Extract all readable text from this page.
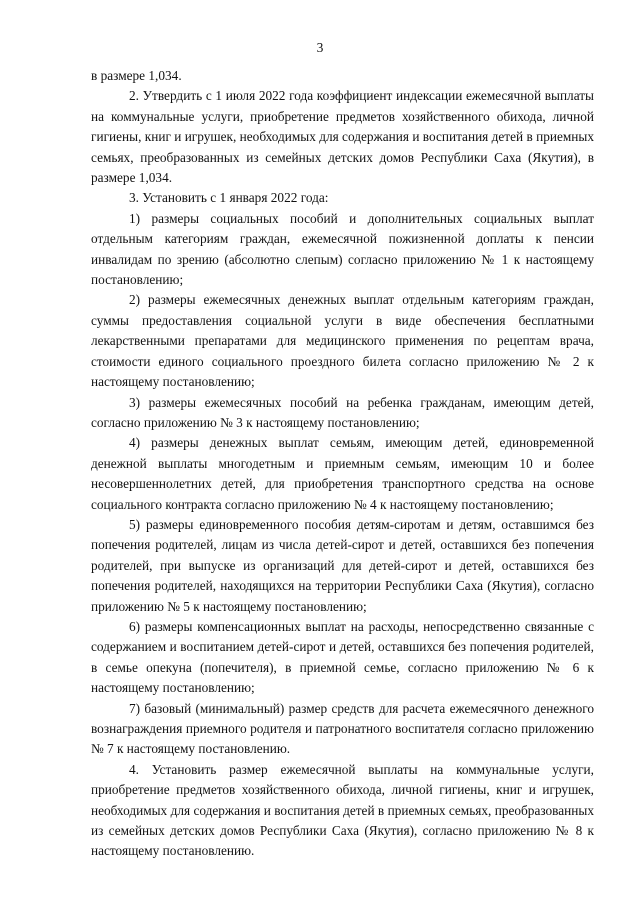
3

в размере 1,034.

2. Утвердить с 1 июля 2022 года коэффициент индексации ежемесячной выплаты на коммунальные услуги, приобретение предметов хозяйственного обихода, личной гигиены, книг и игрушек, необходимых для содержания и воспитания детей в приемных семьях, преобразованных из семейных детских домов Республики Саха (Якутия), в размере 1,034.

3. Установить с 1 января 2022 года:

1) размеры социальных пособий и дополнительных социальных выплат отдельным категориям граждан, ежемесячной пожизненной доплаты к пенсии инвалидам по зрению (абсолютно слепым) согласно приложению № 1 к настоящему постановлению;

2) размеры ежемесячных денежных выплат отдельным категориям граждан, суммы предоставления социальной услуги в виде обеспечения бесплатными лекарственными препаратами для медицинского применения по рецептам врача, стоимости единого социального проездного билета согласно приложению № 2 к настоящему постановлению;

3) размеры ежемесячных пособий на ребенка гражданам, имеющим детей, согласно приложению № 3 к настоящему постановлению;

4) размеры денежных выплат семьям, имеющим детей, единовременной денежной выплаты многодетным и приемным семьям, имеющим 10 и более несовершеннолетних детей, для приобретения транспортного средства на основе социального контракта согласно приложению № 4 к настоящему постановлению;

5) размеры единовременного пособия детям-сиротам и детям, оставшимся без попечения родителей, лицам из числа детей-сирот и детей, оставшихся без попечения родителей, при выпуске из организаций для детей-сирот и детей, оставшихся без попечения родителей, находящихся на территории Республики Саха (Якутия), согласно приложению № 5 к настоящему постановлению;

6) размеры компенсационных выплат на расходы, непосредственно связанные с содержанием и воспитанием детей-сирот и детей, оставшихся без попечения родителей, в семье опекуна (попечителя), в приемной семье, согласно приложению № 6 к настоящему постановлению;

7) базовый (минимальный) размер средств для расчета ежемесячного денежного вознаграждения приемного родителя и патронатного воспитателя согласно приложению № 7 к настоящему постановлению.

4. Установить размер ежемесячной выплаты на коммунальные услуги, приобретение предметов хозяйственного обихода, личной гигиены, книг и игрушек, необходимых для содержания и воспитания детей в приемных семьях, преобразованных из семейных детских домов Республики Саха (Якутия), согласно приложению № 8 к настоящему постановлению.
